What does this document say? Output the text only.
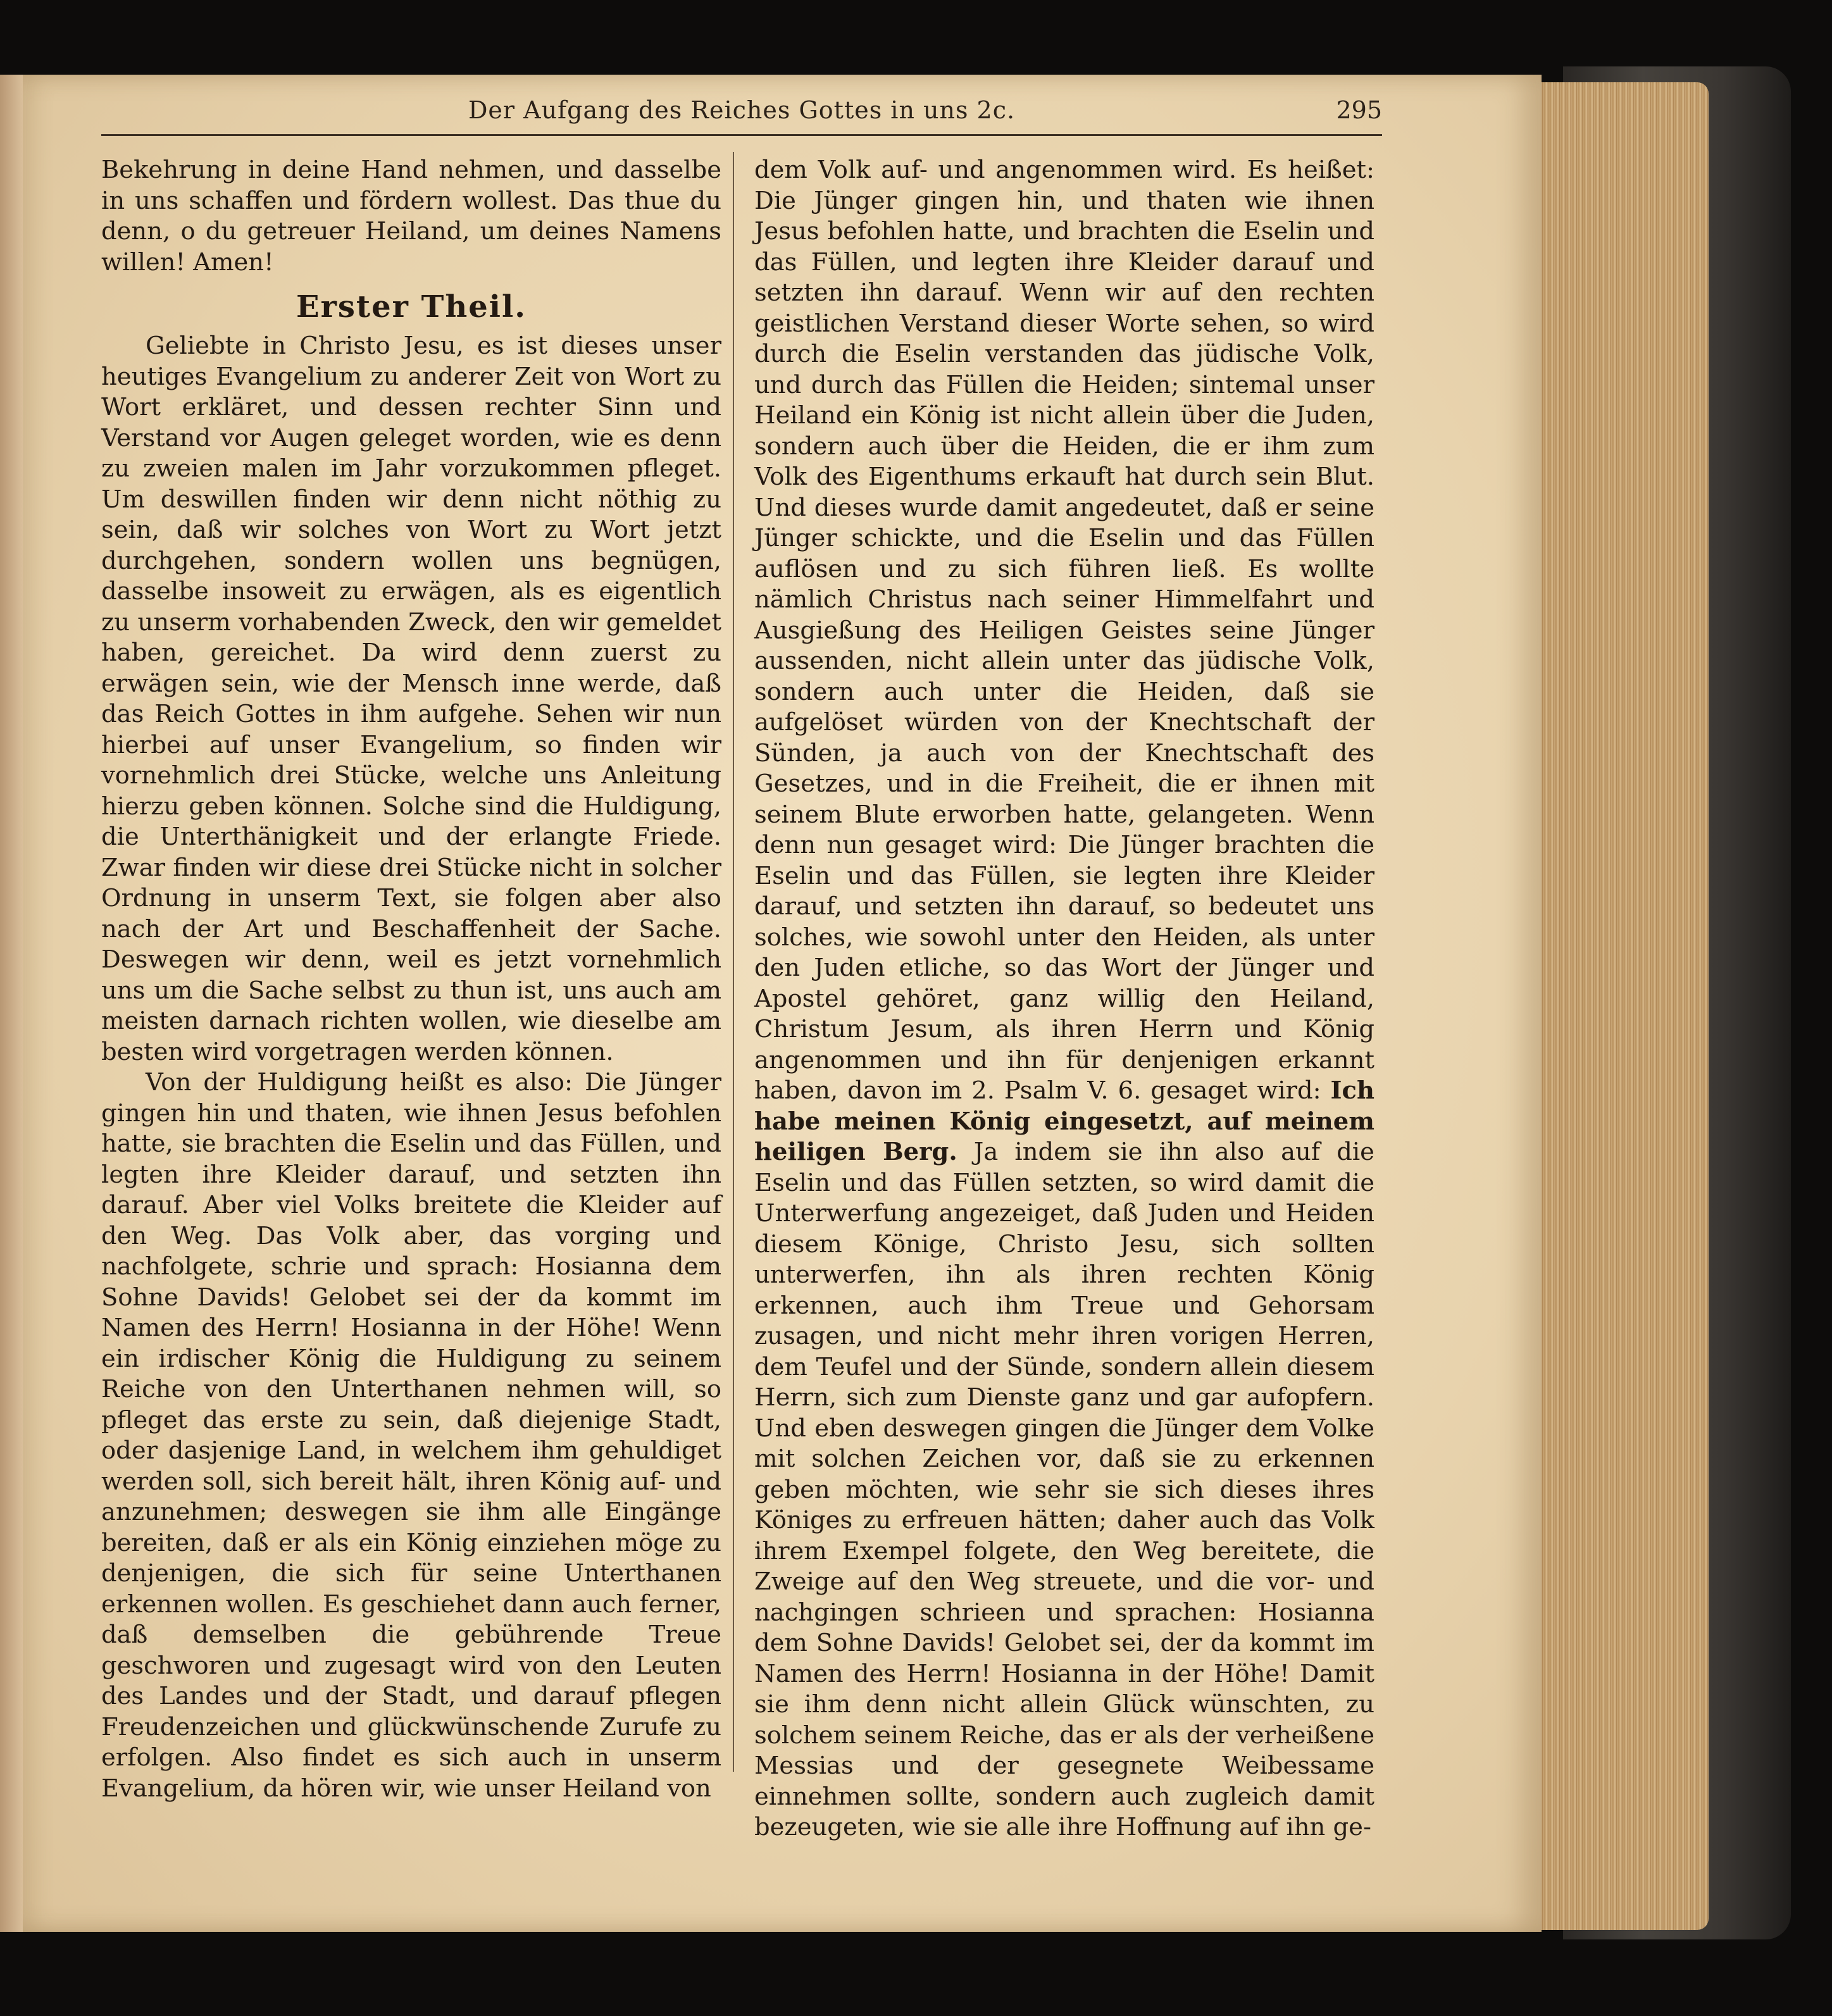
Der Aufgang des Reiches Gottes in uns 2c.	295

Bekehrung in deine Hand nehmen, und dasselbe in uns schaffen und fördern wollest. Das thue du denn, o du getreuer Heiland, um deines Namens willen! Amen!

Erster Theil.

Geliebte in Christo Jesu, es ist dieses unser heutiges Evangelium zu anderer Zeit von Wort zu Wort erkläret, und dessen rechter Sinn und Verstand vor Augen geleget worden, wie es denn zu zweien malen im Jahr vorzukommen pfleget. Um deswillen finden wir denn nicht nöthig zu sein, daß wir solches von Wort zu Wort jetzt durchgehen, sondern wollen uns begnügen, dasselbe insoweit zu erwägen, als es eigentlich zu unserm vorhabenden Zweck, den wir gemeldet haben, gereichet. Da wird denn zuerst zu erwägen sein, wie der Mensch inne werde, daß das Reich Gottes in ihm aufgehe. Sehen wir nun hierbei auf unser Evangelium, so finden wir vornehmlich drei Stücke, welche uns Anleitung hierzu geben können. Solche sind die Huldigung, die Unterthänigkeit und der erlangte Friede. Zwar finden wir diese drei Stücke nicht in solcher Ordnung in unserm Text, sie folgen aber also nach der Art und Beschaffenheit der Sache. Deswegen wir denn, weil es jetzt vornehmlich uns um die Sache selbst zu thun ist, uns auch am meisten darnach richten wollen, wie dieselbe am besten wird vorgetragen werden können.

Von der Huldigung heißt es also: Die Jünger gingen hin und thaten, wie ihnen Jesus befohlen hatte, sie brachten die Eselin und das Füllen, und legten ihre Kleider darauf, und setzten ihn darauf. Aber viel Volks breitete die Kleider auf den Weg. Das Volk aber, das vorging und nachfolgete, schrie und sprach: Hosianna dem Sohne Davids! Gelobet sei der da kommt im Namen des Herrn! Hosianna in der Höhe! Wenn ein irdischer König die Huldigung zu seinem Reiche von den Unterthanen nehmen will, so pfleget das erste zu sein, daß diejenige Stadt, oder dasjenige Land, in welchem ihm gehuldiget werden soll, sich bereit hält, ihren König auf- und anzunehmen; deswegen sie ihm alle Eingänge bereiten, daß er als ein König einziehen möge zu denjenigen, die sich für seine Unterthanen erkennen wollen. Es geschiehet dann auch ferner, daß demselben die gebührende Treue geschworen und zugesagt wird von den Leuten des Landes und der Stadt, und darauf pflegen Freudenzeichen und glückwünschende Zurufe zu erfolgen. Also findet es sich auch in unserm Evangelium, da hören wir, wie unser Heiland von

dem Volk auf- und angenommen wird. Es heißet: Die Jünger gingen hin, und thaten wie ihnen Jesus befohlen hatte, und brachten die Eselin und das Füllen, und legten ihre Kleider darauf und setzten ihn darauf. Wenn wir auf den rechten geistlichen Verstand dieser Worte sehen, so wird durch die Eselin verstanden das jüdische Volk, und durch das Füllen die Heiden; sintemal unser Heiland ein König ist nicht allein über die Juden, sondern auch über die Heiden, die er ihm zum Volk des Eigenthums erkauft hat durch sein Blut. Und dieses wurde damit angedeutet, daß er seine Jünger schickte, und die Eselin und das Füllen auflösen und zu sich führen ließ. Es wollte nämlich Christus nach seiner Himmelfahrt und Ausgießung des Heiligen Geistes seine Jünger aussenden, nicht allein unter das jüdische Volk, sondern auch unter die Heiden, daß sie aufgelöset würden von der Knechtschaft der Sünden, ja auch von der Knechtschaft des Gesetzes, und in die Freiheit, die er ihnen mit seinem Blute erworben hatte, gelangeten. Wenn denn nun gesaget wird: Die Jünger brachten die Eselin und das Füllen, sie legten ihre Kleider darauf, und setzten ihn darauf, so bedeutet uns solches, wie sowohl unter den Heiden, als unter den Juden etliche, so das Wort der Jünger und Apostel gehöret, ganz willig den Heiland, Christum Jesum, als ihren Herrn und König angenommen und ihn für denjenigen erkannt haben, davon im 2. Psalm V. 6. gesaget wird: Ich habe meinen König eingesetzt, auf meinem heiligen Berg. Ja indem sie ihn also auf die Eselin und das Füllen setzten, so wird damit die Unterwerfung angezeiget, daß Juden und Heiden diesem Könige, Christo Jesu, sich sollten unterwerfen, ihn als ihren rechten König erkennen, auch ihm Treue und Gehorsam zusagen, und nicht mehr ihren vorigen Herren, dem Teufel und der Sünde, sondern allein diesem Herrn, sich zum Dienste ganz und gar aufopfern. Und eben deswegen gingen die Jünger dem Volke mit solchen Zeichen vor, daß sie zu erkennen geben möchten, wie sehr sie sich dieses ihres Königes zu erfreuen hätten; daher auch das Volk ihrem Exempel folgete, den Weg bereitete, die Zweige auf den Weg streuete, und die vor- und nachgingen schrieen und sprachen: Hosianna dem Sohne Davids! Gelobet sei, der da kommt im Namen des Herrn! Hosianna in der Höhe! Damit sie ihm denn nicht allein Glück wünschten, zu solchem seinem Reiche, das er als der verheißene Messias und der gesegnete Weibessame einnehmen sollte, sondern auch zugleich damit bezeugeten, wie sie alle ihre Hoffnung auf ihn ge-
